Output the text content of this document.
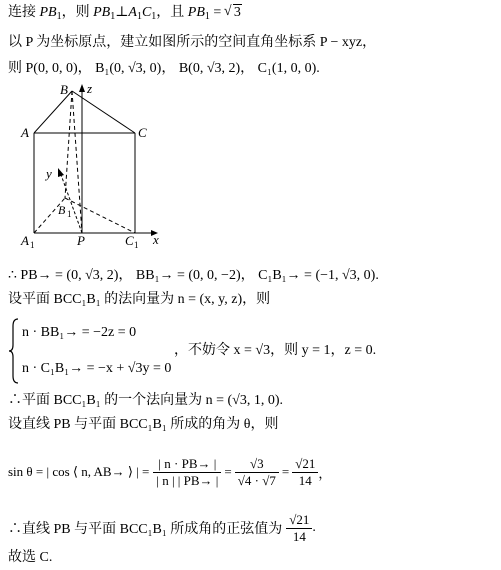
连接 $PB_1$，则 $PB_1\perp A_1C_1$，且 $PB_1$ = √ 3
以 P 为坐标原点，建立如图所示的空间直角坐标系 P − xyz，
则 P(0, 0, 0)， B₁(0, √3, 0)， B(0, √3, 2)， C₁(1, 0, 0).
B z
A	C
y
B 1
A 1	P	C 1 x
∴ PB→ = (0, √3, 2)， BB₁→ = (0, 0, −2)， C₁B₁→ = (−1, √3, 0).
设平面 BCC₁B₁ 的法向量为 n = (x, y, z)，则
n · BB₁→ = −2z = 0
n · C₁B₁→ = −x + √3y = 0
，不妨令 x = √3，则 y = 1，z = 0.
∴平面 BCC₁B₁ 的一个法向量为 n = (√3, 1, 0).
设直线 PB 与平面 BCC₁B₁ 所成的角为 θ，则
sin θ = | cos ⟨ n, AB→ ⟩ | = $\frac{| n \cdot PB\to |}{| n | | PB\to |} = \frac{√3}{√4 \cdot √7} = \frac{√21}{14}$ ，
∴直线 PB 与平面 BCC₁B₁ 所成角的正弦值为 $\frac{√21}{14}$ .
故选 C.
